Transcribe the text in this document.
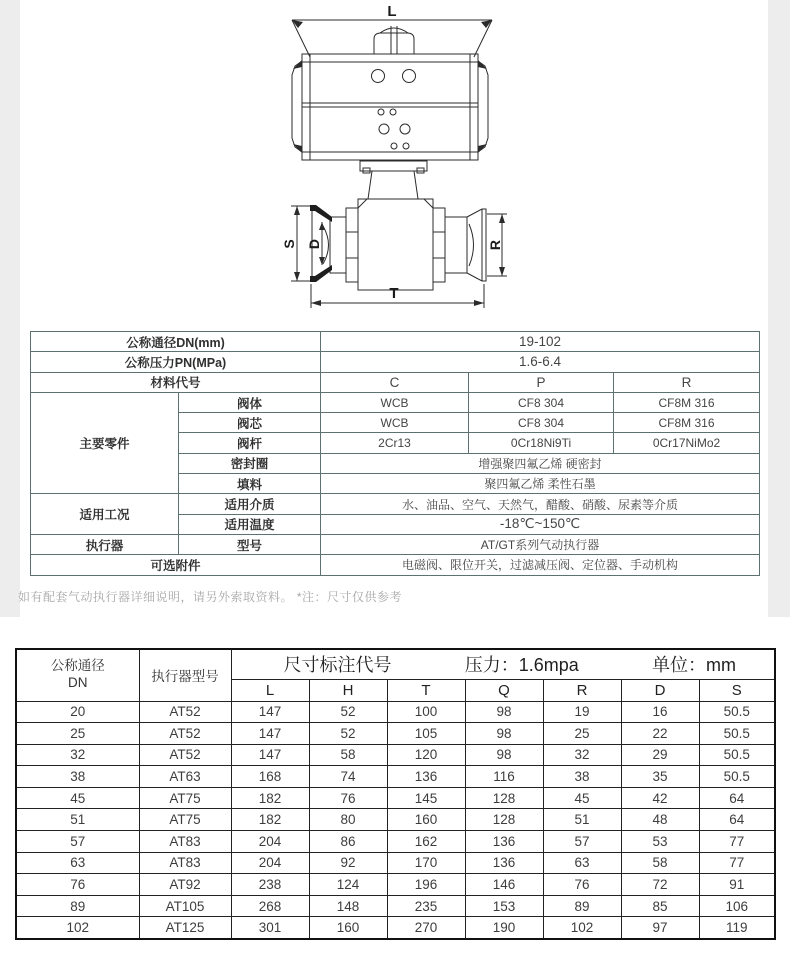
L
S D	R
T
公称通径DN(mm)		19-102		
公称压力PN(MPa)		1.6-6.4		
材料代号		C	P	R
主要零件	阀体	WCB	CF8 304	CF8M 316
	阀芯	WCB	CF8 304	CF8M 316
	阀杆	2Cr13	0Cr18Ni9Ti	0Cr17NiMo2
	密封圈	增强聚四氟乙烯 硬密封		
	填料	聚四氟乙烯 柔性石墨		
适用工况	适用介质	水、油品、空气、天然气，醋酸、硝酸、尿素等介质		
	适用温度	-18℃~150℃		
执行器	型号	AT/GT系列气动执行器		
可选附件		电磁阀、限位开关，过滤减压阀、定位器、手动机构		
如有配套气动执行器详细说明，请另外索取资料。 *注：尺寸仅供参考
公称通径
DN	执行器型号	
尺寸标注代号	压力：1.6mpa	单位：mm

		L	H	T	Q	R	D	S
20	AT52	147	52	100	98	19	16	50.5
25	AT52	147	52	105	98	25	22	50.5
32	AT52	147	58	120	98	32	29	50.5
38	AT63	168	74	136	116	38	35	50.5
45	AT75	182	76	145	128	45	42	64
51	AT75	182	80	160	128	51	48	64
57	AT83	204	86	162	136	57	53	77
63	AT83	204	92	170	136	63	58	77
76	AT92	238	124	196	146	76	72	91
89	AT105	268	148	235	153	89	85	106
102	AT125	301	160	270	190	102	97	119
